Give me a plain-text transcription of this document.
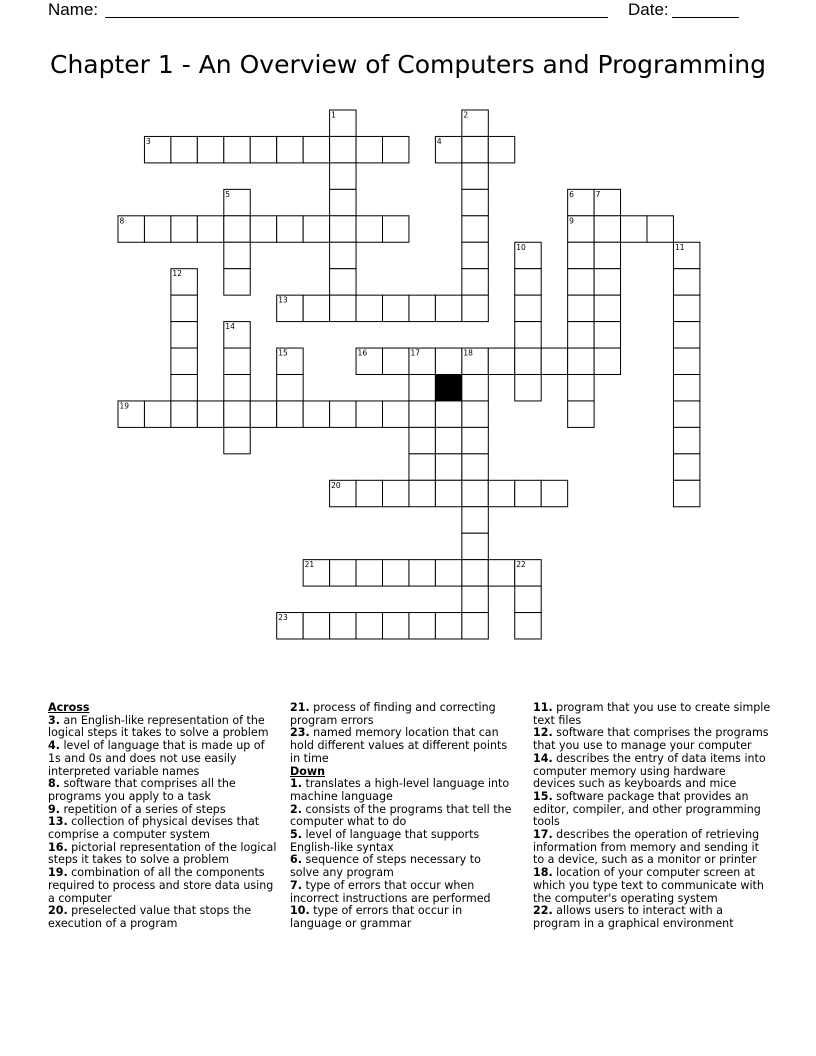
Name:	Date:
Chapter 1 - An Overview of Computers and Programming
1	2
3	4
5	6	7
8	9
10	11
12
13
14
15	16	17	18
19
20
21	22
23
Across
3. an English-like representation of the logical steps it takes to solve a problem
4. level of language that is made up of 1s and 0s and does not use easily interpreted variable names
8. software that comprises all the programs you apply to a task
9. repetition of a series of steps
13. collection of physical devises that comprise a computer system
16. pictorial representation of the logical steps it takes to solve a problem
19. combination of all the components required to process and store data using a computer
20. preselected value that stops the execution of a program
21. process of finding and correcting program errors
23. named memory location that can hold different values at different points in time
Down
1. translates a high-level language into machine language
2. consists of the programs that tell the computer what to do
5. level of language that supports English-like syntax
6. sequence of steps necessary to solve any program
7. type of errors that occur when incorrect instructions are performed
10. type of errors that occur in language or grammar
11. program that you use to create simple text files
12. software that comprises the programs that you use to manage your computer
14. describes the entry of data items into computer memory using hardware devices such as keyboards and mice
15. software package that provides an editor, compiler, and other programming tools
17. describes the operation of retrieving information from memory and sending it to a device, such as a monitor or printer
18. location of your computer screen at which you type text to communicate with the computer's operating system
22. allows users to interact with a program in a graphical environment
